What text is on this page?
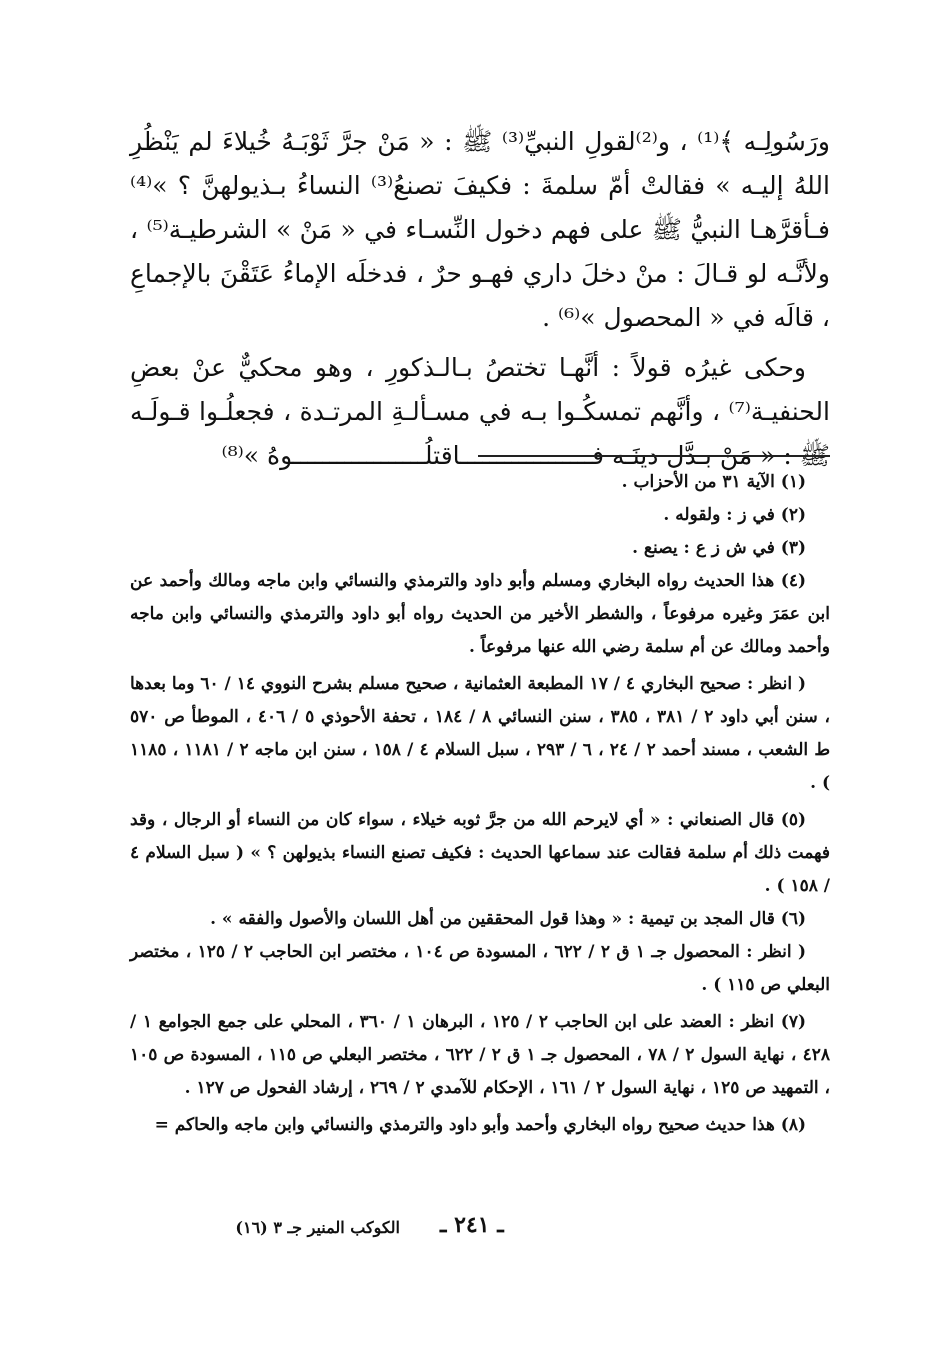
ورَسُولِـه ﴾⁽¹⁾ ، و⁽²⁾لقولِ النبيِّ⁽³⁾ ﷺ : « مَنْ جرَّ ثَوْبَـهُ خُيلاءَ لم يَنْظُرِ اللهُ إليـه » فقالتْ أمّ سلمةَ : فكيفَ تصنعُ⁽³⁾ النساءُ بـذيولهنَّ ؟ »⁽⁴⁾ فـأقرَّهـا النبيُّ ﷺ على فهم دخول النِّسـاء في « مَنْ » الشرطيـة⁽⁵⁾ ، ولأنَّـه لو قـالَ : منْ دخلَ داري فهـو حرٌ ، فدخلَه الإماءُ عَتَقْنَ بالإجماعِ ، قالَه في « المحصول »⁽⁶⁾ .

وحكى غيرُه قولاً : أنَّهـا تختصُ بـالـذكورِ ، وهو محكيٌّ عنْ بعضِ الحنفيـة⁽⁷⁾ ، وأنَّهم تمسكُـوا بـه في مسـألـةِ المرتـدة ، فجعلُـوا قـولَـه ﷺ : « مَنْ بـدَّل دينَـه فــــــــــــــــــاقتلُــــــــــــــــــوهُ »⁽⁸⁾

(١) الآية ٣١ من الأحزاب .

(٢) في ز : ولقوله .

(٣) في ش ز ع : يصنع .

(٤) هذا الحديث رواه البخاري ومسلم وأبو داود والترمذي والنسائي وابن ماجه ومالك وأحمد عن ابن عمَرَ وغيره مرفوعاً ، والشطر الأخير من الحديث رواه أبو داود والترمذي والنسائي وابن ماجه وأحمد ومالك عن أم سلمة رضي الله عنها مرفوعاً .

( انظر : صحيح البخاري ٤ / ١٧ المطبعة العثمانية ، صحيح مسلم بشرح النووي ١٤ / ٦٠ وما بعدها ، سنن أبي داود ٢ / ٣٨١ ، ٣٨٥ ، سنن النسائي ٨ / ١٨٤ ، تحفة الأحوذي ٥ / ٤٠٦ ، الموطأ ص ٥٧٠ ط الشعب ، مسند أحمد ٢ / ٢٤ ، ٦ / ٢٩٣ ، سبل السلام ٤ / ١٥٨ ، سنن ابن ماجه ٢ / ١١٨١ ، ١١٨٥ ) .

(٥) قال الصنعاني : « أي لايرحم الله من جرَّ ثوبه خيلاء ، سواء كان من النساء أو الرجال ، وقد فهمت ذلك أم سلمة فقالت عند سماعها الحديث : فكيف تصنع النساء بذيولهن ؟ » ( سبل السلام ٤ / ١٥٨ ) .

(٦) قال المجد بن تيمية : « وهذا قول المحققين من أهل اللسان والأصول والفقه » .

( انظر : المحصول جـ ١ ق ٢ / ٦٢٢ ، المسودة ص ١٠٤ ، مختصر ابن الحاجب ٢ / ١٢٥ ، مختصر البعلي ص ١١٥ ) .

(٧) انظر : العضد على ابن الحاجب ٢ / ١٢٥ ، البرهان ١ / ٣٦٠ ، المحلي على جمع الجوامع ١ / ٤٢٨ ، نهاية السول ٢ / ٧٨ ، المحصول جـ ١ ق ٢ / ٦٢٢ ، مختصر البعلي ص ١١٥ ، المسودة ص ١٠٥ ، التمهيد ص ١٢٥ ، نهاية السول ٢ / ١٦١ ، الإحكام للآمدي ٢ / ٢٦٩ ، إرشاد الفحول ص ١٢٧ .

(٨) هذا حديث صحيح رواه البخاري وأحمد وأبو داود والترمذي والنسائي وابن ماجه والحاكم =

الكوكب المنير جـ ٣ (١٦) ـ ٢٤١ ـ
